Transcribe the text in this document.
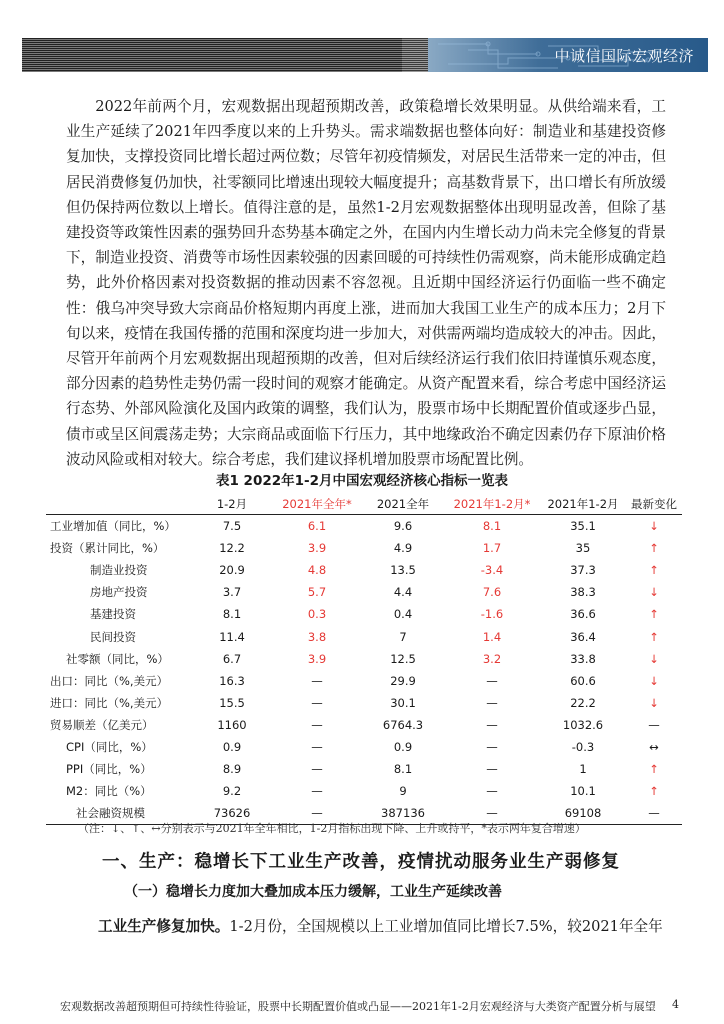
中诚信国际宏观经济

2022年前两个月，宏观数据出现超预期改善，政策稳增长效果明显。从供给端来看，工业生产延续了2021年四季度以来的上升势头。需求端数据也整体向好：制造业和基建投资修复加快，支撑投资同比增长超过两位数；尽管年初疫情频发，对居民生活带来一定的冲击，但居民消费修复仍加快，社零额同比增速出现较大幅度提升；高基数背景下，出口增长有所放缓但仍保持两位数以上增长。值得注意的是，虽然1-2月宏观数据整体出现明显改善，但除了基建投资等政策性因素的强势回升态势基本确定之外，在国内内生增长动力尚未完全修复的背景下，制造业投资、消费等市场性因素较强的因素回暖的可持续性仍需观察，尚未能形成确定趋势，此外价格因素对投资数据的推动因素不容忽视。且近期中国经济运行仍面临一些不确定性：俄乌冲突导致大宗商品价格短期内再度上涨，进而加大我国工业生产的成本压力；2月下旬以来，疫情在我国传播的范围和深度均进一步加大，对供需两端均造成较大的冲击。因此，尽管开年前两个月宏观数据出现超预期的改善，但对后续经济运行我们依旧持谨慎乐观态度，部分因素的趋势性走势仍需一段时间的观察才能确定。从资产配置来看，综合考虑中国经济运行态势、外部风险演化及国内政策的调整，我们认为，股票市场中长期配置价值或逐步凸显，债市或呈区间震荡走势；大宗商品或面临下行压力，其中地缘政治不确定因素仍存下原油价格波动风险或相对较大。综合考虑，我们建议择机增加股票市场配置比例。

表1 2022年1-2月中国宏观经济核心指标一览表
	1-2月	2021年全年*	2021全年	2021年1-2月*	2021年1-2月	最新变化
工业增加值（同比，%）	7.5	6.1	9.6	8.1	35.1	↓
投资（累计同比，%）	12.2	3.9	4.9	1.7	35	↑
制造业投资	20.9	4.8	13.5	-3.4	37.3	↑
房地产投资	3.7	5.7	4.4	7.6	38.3	↓
基建投资	8.1	0.3	0.4	-1.6	36.6	↑
民间投资	11.4	3.8	7	1.4	36.4	↑
社零额（同比，%）	6.7	3.9	12.5	3.2	33.8	↓
出口：同比（%,美元）	16.3	—	29.9	—	60.6	↓
进口：同比（%,美元）	15.5	—	30.1	—	22.2	↓
贸易顺差（亿美元）	1160	—	6764.3	—	1032.6	—
CPI（同比，%）	0.9	—	0.9	—	-0.3	↔
PPI（同比，%）	8.9	—	8.1	—	1	↑
M2：同比（%）	9.2	—	9	—	10.1	↑
社会融资规模	73626	—	387136	—	69108	—
（注：↓、↑、↔分别表示与2021年全年相比，1-2月指标出现下降、上升或持平，*表示两年复合增速）
一、生产：稳增长下工业生产改善，疫情扰动服务业生产弱修复
（一）稳增长力度加大叠加成本压力缓解，工业生产延续改善

工业生产修复加快。1-2月份，全国规模以上工业增加值同比增长7.5%，较2021年全年

宏观数据改善超预期但可持续性待验证，股票中长期配置价值或凸显——2021年1-2月宏观经济与大类资产配置分析与展望 4
